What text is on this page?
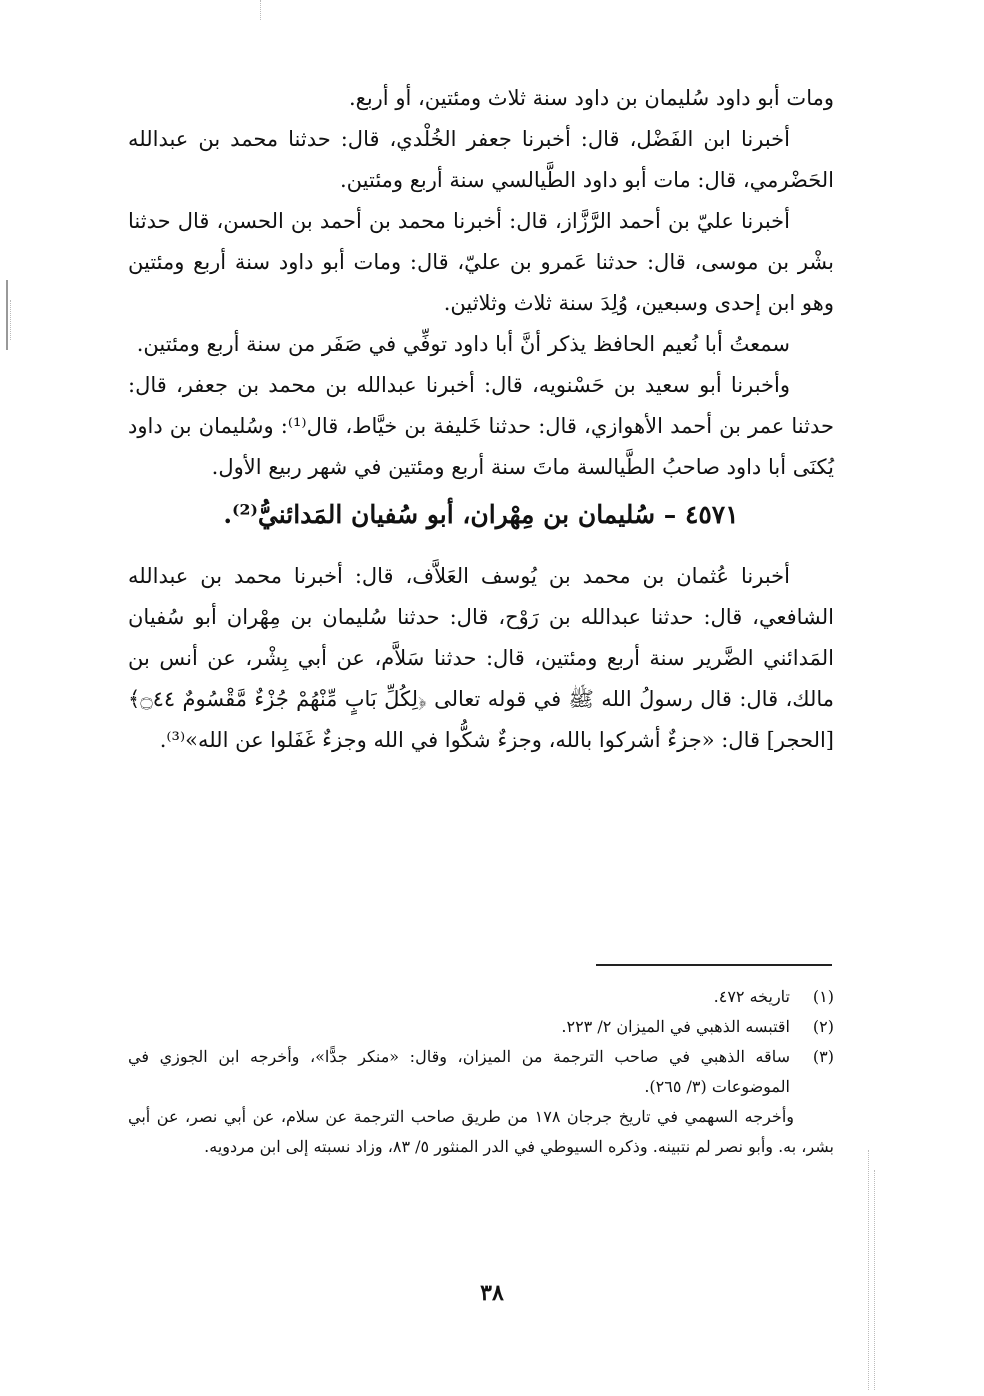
ومات أبو داود سُليمان بن داود سنة ثلاث ومئتين، أو أربع.

أخبرنا ابن الفَضْل، قال: أخبرنا جعفر الخُلْدي، قال: حدثنا محمد بن عبدالله الحَضْرمي، قال: مات أبو داود الطَّيالسي سنة أربع ومئتين.

أخبرنا عليّ بن أحمد الرَّزَّاز، قال: أخبرنا محمد بن أحمد بن الحسن، قال حدثنا بشْر بن موسى، قال: حدثنا عَمرو بن عليّ، قال: ومات أبو داود سنة أربع ومئتين وهو ابن إحدى وسبعين، وُلِدَ سنة ثلاث وثلاثين.

سمعتُ أبا نُعيم الحافظ يذكر أنَّ أبا داود توفِّي في صَفَر من سنة أربع ومئتين.

وأخبرنا أبو سعيد بن حَسْنويه، قال: أخبرنا عبدالله بن محمد بن جعفر، قال: حدثنا عمر بن أحمد الأهوازي، قال: حدثنا خَليفة بن خيَّاط، قال⁽¹⁾: وسُليمان بن داود يُكنَى أبا داود صاحبُ الطَّيالسة ماتَ سنة أربع ومئتين في شهر ربيع الأول.

٤٥٧١ – سُليمان بن مِهْران، أبو سُفيان المَدائنيُّ⁽²⁾.

أخبرنا عُثمان بن محمد بن يُوسف العَلاَّف، قال: أخبرنا محمد بن عبدالله الشافعي، قال: حدثنا عبدالله بن رَوْح، قال: حدثنا سُليمان بن مِهْران أبو سُفيان المَدائني الضَّرير سنة أربع ومئتين، قال: حدثنا سَلاَّم، عن أبي بِشْر، عن أنس بن مالك، قال: قال رسولُ الله ﷺ في قوله تعالى ﴿لِكُلِّ بَابٍ مِّنْهُمْ جُزْءٌ مَّقْسُومٌ ۝٤٤﴾ [الحجر] قال: «جزءٌ أشركوا بالله، وجزءٌ شكُّوا في الله وجزءٌ غَفَلوا عن الله»⁽³⁾.

(١)
تاريخه ٤٧٢.
(٢)
اقتبسه الذهبي في الميزان ٢/ ٢٢٣.
(٣)
ساقه الذهبي في صاحب الترجمة من الميزان، وقال: «منكر جدًّا»، وأخرجه ابن الجوزي في الموضوعات (٣/ ٢٦٥).

وأخرجه السهمي في تاريخ جرجان ١٧٨ من طريق صاحب الترجمة عن سلام، عن أبي نصر، عن أبي بشر، به. وأبو نصر لم نتبينه. وذكره السيوطي في الدر المنثور ٥/ ٨٣، وزاد نسبته إلى ابن مردويه.

٣٨
